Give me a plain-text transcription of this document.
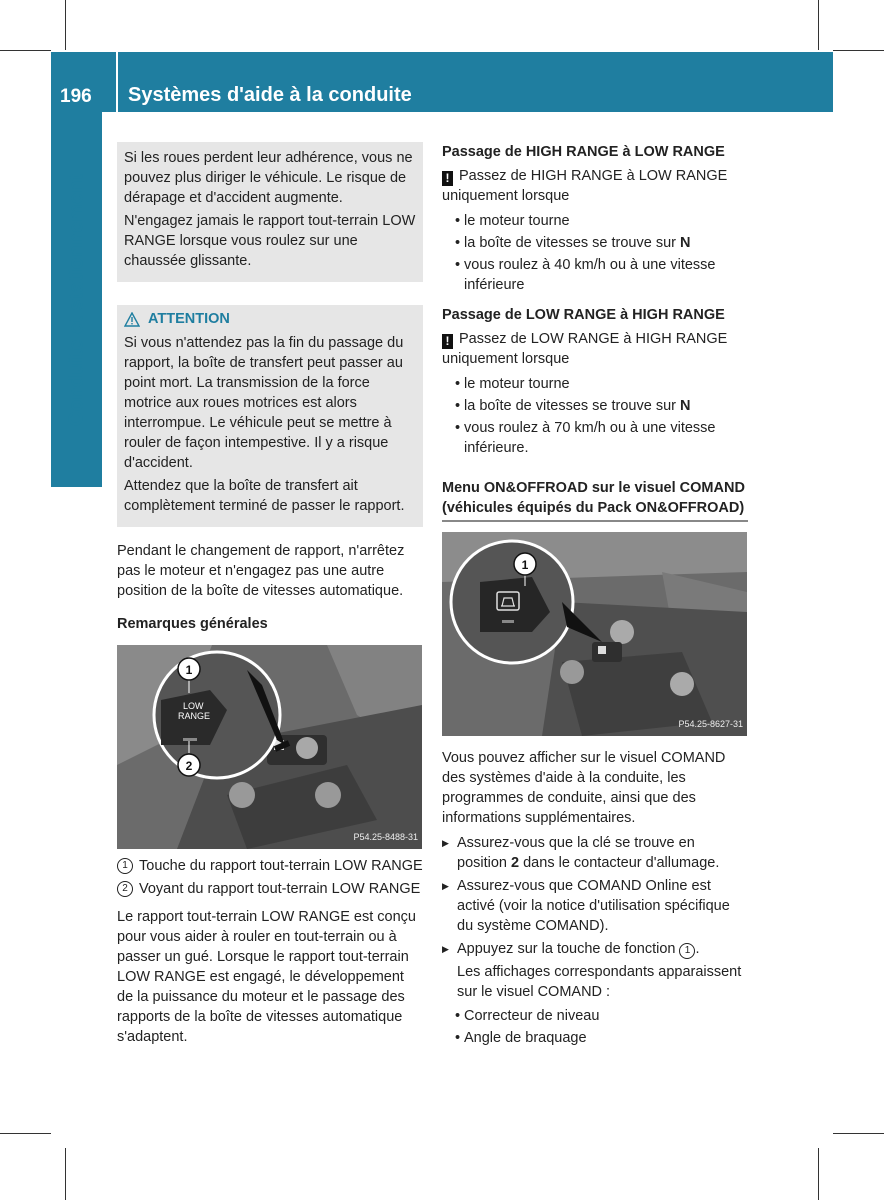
196 Systèmes d'aide à la conduite
Conduite et stationnement

Si les roues perdent leur adhérence, vous ne pouvez plus diriger le véhicule. Le risque de dérapage et d'accident augmente.

N'engagez jamais le rapport tout-terrain LOW RANGE lorsque vous roulez sur une chaussée glissante.

ATTENTION

Si vous n'attendez pas la fin du passage du rapport, la boîte de transfert peut passer au point mort. La transmission de la force motrice aux roues motrices est alors interrompue. Le véhicule peut se mettre à rouler de façon intempestive. Il y a risque d'accident.

Attendez que la boîte de transfert ait complètement terminé de passer le rapport.

Pendant le changement de rapport, n'arrêtez pas le moteur et n'engagez pas une autre position de la boîte de vitesses automatique.

Remarques générales
LOW
RANGE
1
2
P54.25-8488-31
1 Touche du rapport tout-terrain LOW RANGE
2 Voyant du rapport tout-terrain LOW RANGE

Le rapport tout-terrain LOW RANGE est conçu pour vous aider à rouler en tout-terrain ou à passer un gué. Lorsque le rapport tout-terrain LOW RANGE est engagé, le développement de la puissance du moteur et le passage des rapports de la boîte de vitesses automatique s'adaptent.

Passage de HIGH RANGE à LOW RANGE

! Passez de HIGH RANGE à LOW RANGE uniquement lorsque

• le moteur tourne
• la boîte de vitesses se trouve sur N
• vous roulez à 40 km/h ou à une vitesse inférieure
Passage de LOW RANGE à HIGH RANGE

! Passez de LOW RANGE à HIGH RANGE uniquement lorsque

• le moteur tourne
• la boîte de vitesses se trouve sur N
• vous roulez à 70 km/h ou à une vitesse inférieure.
Menu ON&OFFROAD sur le visuel COMAND (véhicules équipés du Pack ON&OFFROAD)
1
P54.25-8627-31

Vous pouvez afficher sur le visuel COMAND des systèmes d'aide à la conduite, les programmes de conduite, ainsi que des informations supplémentaires.

▶ Assurez-vous que la clé se trouve en position 2 dans le contacteur d'allumage.
▶ Assurez-vous que COMAND Online est activé (voir la notice d'utilisation spécifique du système COMAND).
▶ Appuyez sur la touche de fonction 1 .

Les affichages correspondants apparaissent sur le visuel COMAND :

• Correcteur de niveau
• Angle de braquage
